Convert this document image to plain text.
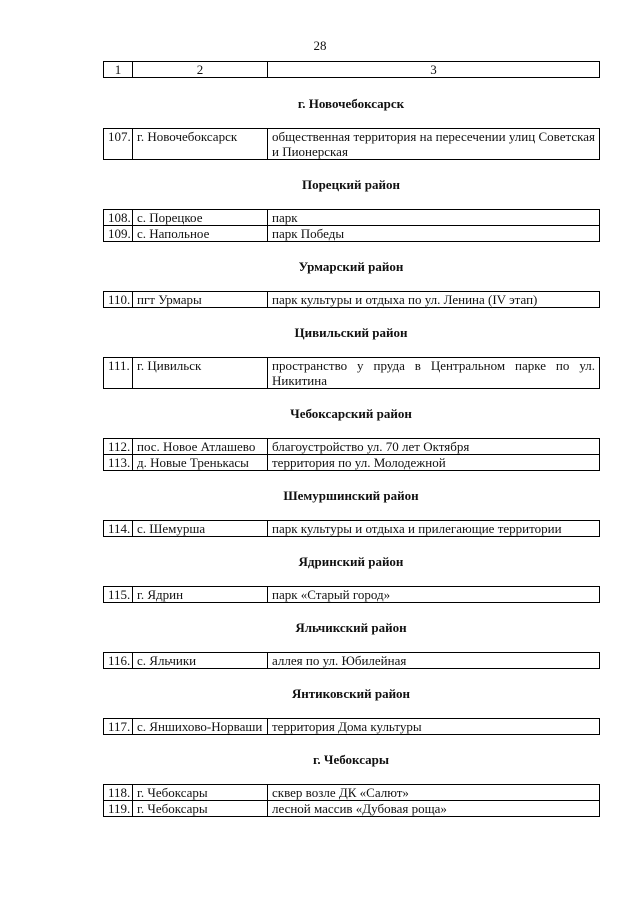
28
1	2	3
г. Новочебоксарск
107.	г. Новочебоксарск	общественная территория на пересечении улиц Советская и Пионерская
Порецкий район
108.	с. Порецкое	парк
109.	с. Напольное	парк Победы
Урмарский район
110.	пгт Урмары	парк культуры и отдыха по ул. Ленина (IV этап)
Цивильский район
111.	г. Цивильск	пространство у пруда в Центральном парке по ул. Никитина
Чебоксарский район
112.	пос. Новое Атлашево	благоустройство ул. 70 лет Октября
113.	д. Новые Тренькасы	территория по ул. Молодежной
Шемуршинский район
114.	с. Шемурша	парк культуры и отдыха и прилегающие территории
Ядринский район
115.	г. Ядрин	парк «Старый город»
Яльчикский район
116.	с. Яльчики	аллея по ул. Юбилейная
Янтиковский район
117.	с. Яншихово-Норваши	территория Дома культуры
г. Чебоксары
118.	г. Чебоксары	сквер возле ДК «Салют»
119.	г. Чебоксары	лесной массив «Дубовая роща»
